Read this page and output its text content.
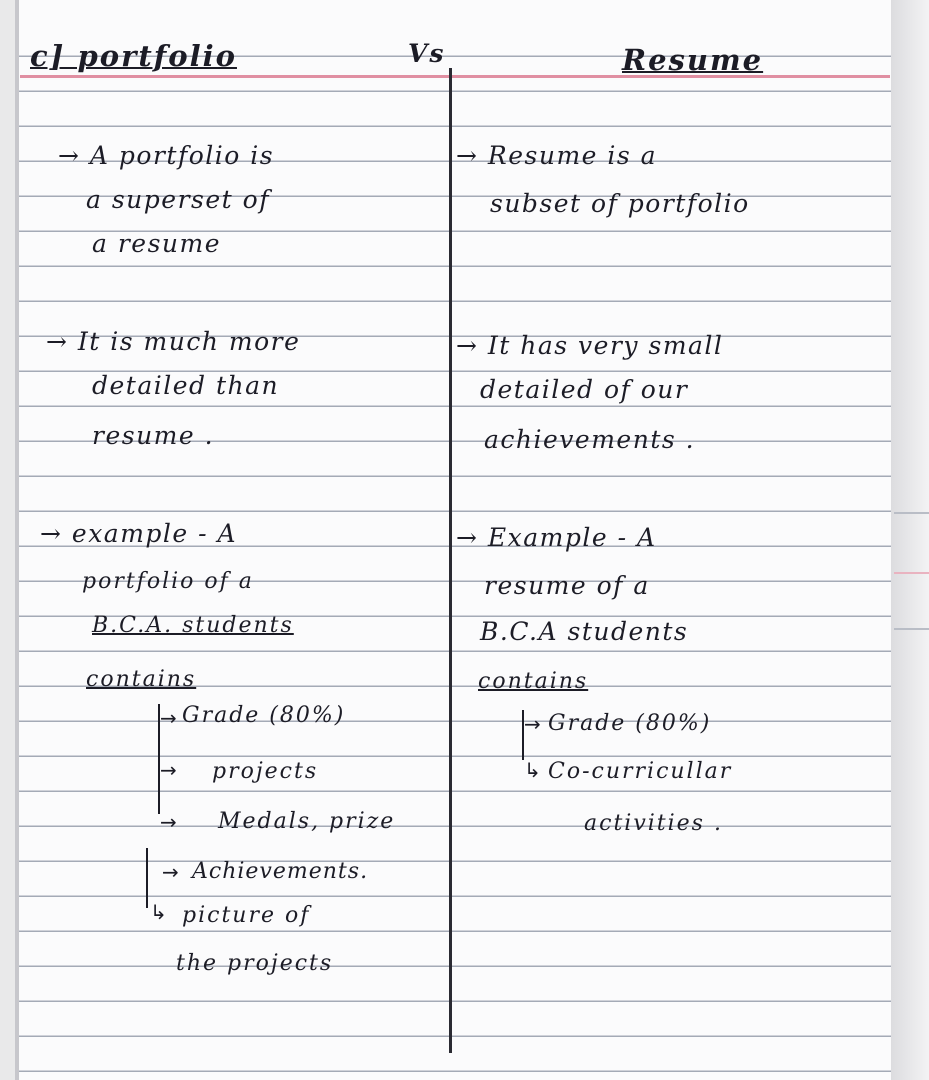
c] portfolio	Vs	Resume

→ A portfolio is

a superset of

a resume

→ It is much more

detailed than

resume .

→ example - A

portfolio of a

B.C.A. students

contains

→ Grade (80%)

→ projects

→ Medals, prize

→ Achievements.

↳ picture of

the projects

→ Resume is a

subset of portfolio

→ It has very small

detailed of our

achievements .

→ Example - A

resume of a

B.C.A students

contains

→ Grade (80%)

↳ Co-curricullar

activities .
